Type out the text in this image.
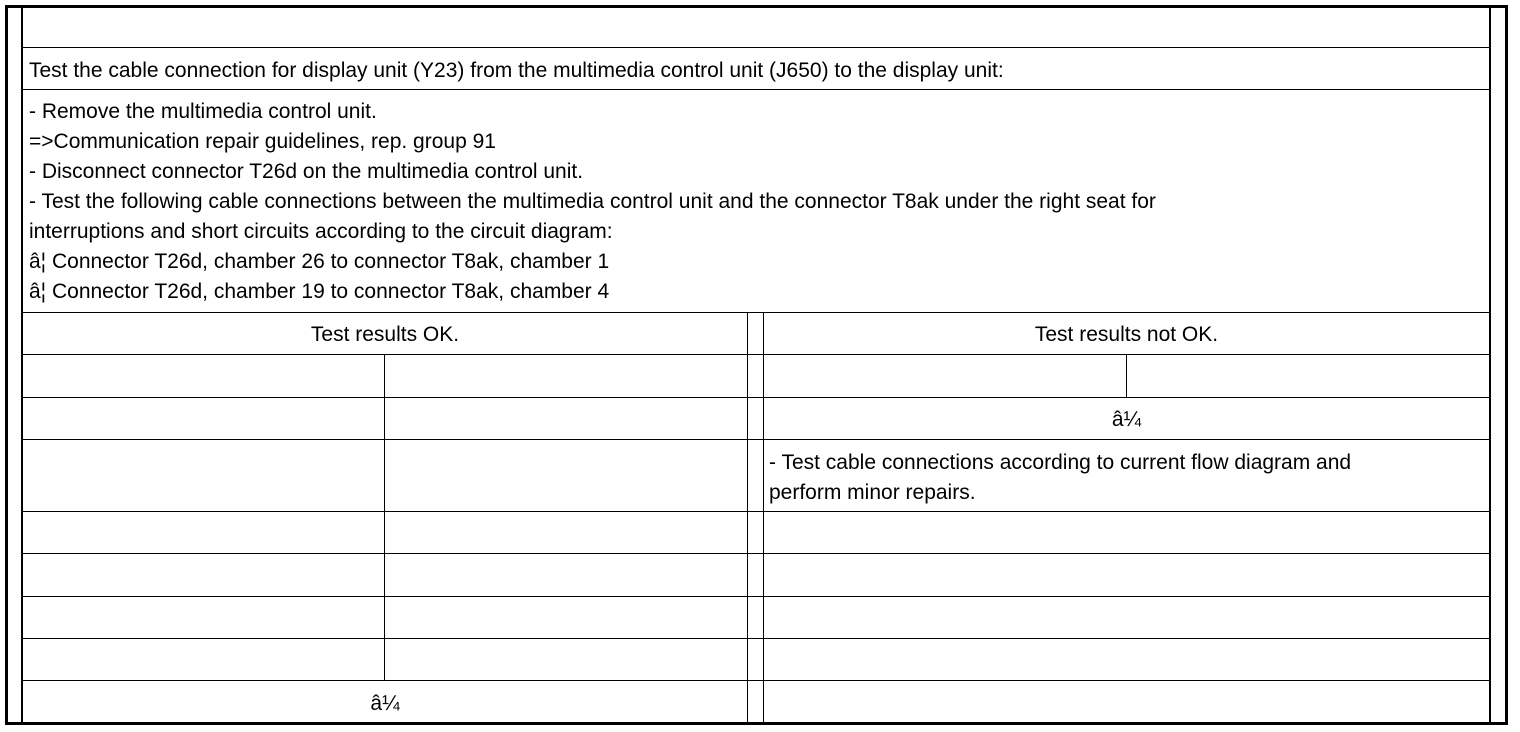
Test the cable connection for display unit (Y23) from the multimedia control unit (J650) to the display unit:
- Remove the multimedia control unit.
=>Communication repair guidelines, rep. group 91
- Disconnect connector T26d on the multimedia control unit.
- Test the following cable connections between the multimedia control unit and the connector T8ak under the right seat for
interruptions and short circuits according to the circuit diagram:
â¦ Connector T26d, chamber 26 to connector T8ak, chamber 1
â¦ Connector T26d, chamber 19 to connector T8ak, chamber 4
Test results OK.	Test results not OK.
â¼
- Test cable connections according to current flow diagram and
perform minor repairs.
â¼
